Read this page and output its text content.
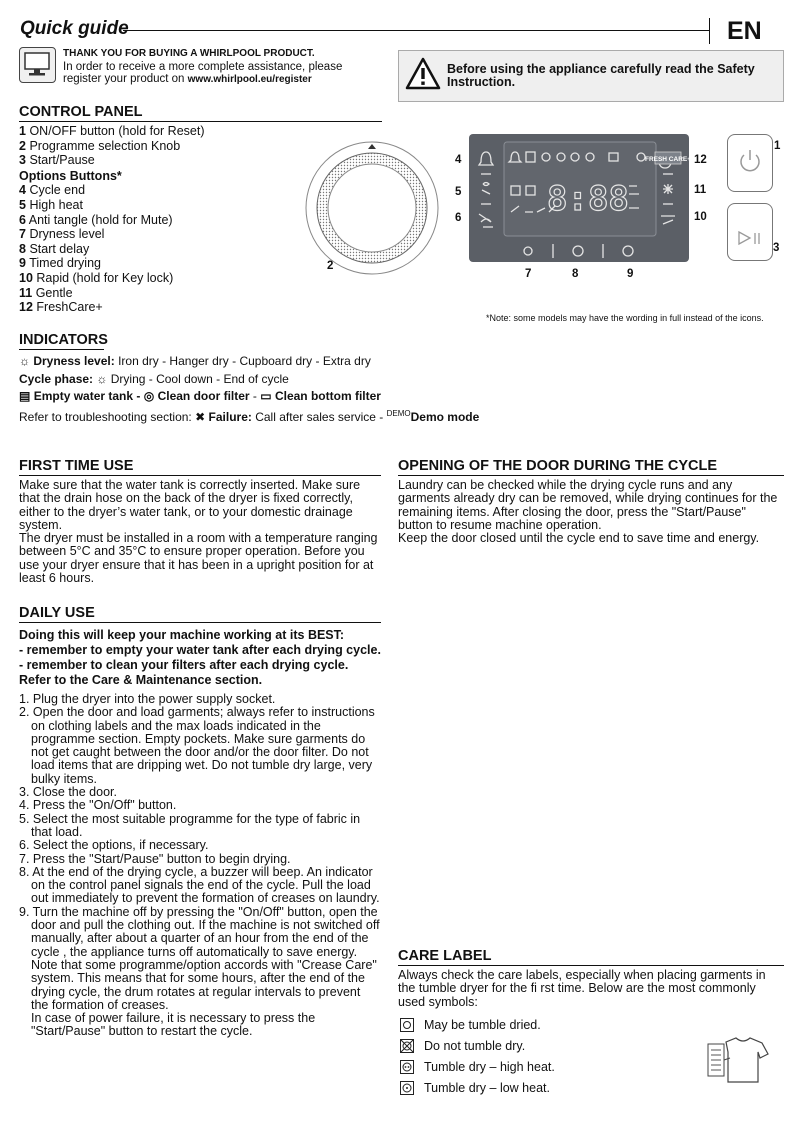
Quick guide	EN
THANK YOU FOR BUYING A WHIRLPOOL PRODUCT.
In order to receive a more complete assistance, please
register your product on www.whirlpool.eu/register
Before using the appliance carefully read the Safety Instruction.
CONTROL PANEL
1 ON/OFF button (hold for Reset)
2 Programme selection Knob
3 Start/Pause
Options Buttons*
4 Cycle end
5 High heat
6 Anti tangle (hold for Mute)
7 Dryness level
8 Start delay
9 Timed drying
10 Rapid (hold for Key lock)
11 Gentle
12 FreshCare+
2
FRESH CARE+
8:88
4
5
6
12
11
10
7	8	9
1
3
*Note: some models may have the wording in full instead of the icons.
INDICATORS
☼ Dryness level: Iron dry - Hanger dry - Cupboard dry - Extra dry
Cycle phase: ☼ Drying - Cool down - End of cycle
▤ Empty water tank - ◎ Clean door filter - ▭ Clean bottom filter
Refer to troubleshooting section: ✖ Failure: Call after sales service - $^{DEMO}$Demo mode
FIRST TIME USE
Make sure that the water tank is correctly inserted. Make sure that the drain hose on the back of the dryer is fixed correctly, either to the dryer’s water tank, or to your domestic drainage system.
The dryer must be installed in a room with a temperature ranging between 5°C and 35°C to ensure proper operation. Before you use your dryer ensure that it has been in a upright position for at least 6 hours.
DAILY USE
Doing this will keep your machine working at its BEST:
- remember to empty your water tank after each drying cycle.
- remember to clean your filters after each drying cycle.
Refer to the Care & Maintenance section.
1. Plug the dryer into the power supply socket.
2. Open the door and load garments; always refer to instructions on clothing labels and the max loads indicated in the programme section. Empty pockets. Make sure garments do not get caught between the door and/or the door filter. Do not load items that are dripping wet. Do not tumble dry large, very bulky items.
3. Close the door.
4. Press the "On/Off" button.
5. Select the most suitable programme for the type of fabric in that load.
6. Select the options, if necessary.
7. Press the "Start/Pause" button to begin drying.
8. At the end of the drying cycle, a buzzer will beep. An indicator on the control panel signals the end of the cycle. Pull the load out immediately to prevent the formation of creases on laundry.
9. Turn the machine off by pressing the "On/Off" button, open the door and pull the clothing out. If the machine is not switched off manually, after about a quarter of an hour from the end of the cycle , the appliance turns off automatically to save energy.
Note that some programme/option accords with "Crease Care" system. This means that for some hours, after the end of the drying cycle, the drum rotates at regular intervals to prevent the formation of creases.
In case of power failure, it is necessary to press the "Start/Pause" button to restart the cycle.
OPENING OF THE DOOR DURING THE CYCLE
Laundry can be checked while the drying cycle runs and any garments already dry can be removed, while drying continues for the remaining items. After closing the door, press the "Start/Pause" button to resume machine operation.
Keep the door closed until the cycle end to save time and energy.
CARE LABEL
Always check the care labels, especially when placing garments in the tumble dryer for the fi rst time. Below are the most commonly used symbols:
May be tumble dried.
Do not tumble dry.
Tumble dry – high heat.
Tumble dry – low heat.
